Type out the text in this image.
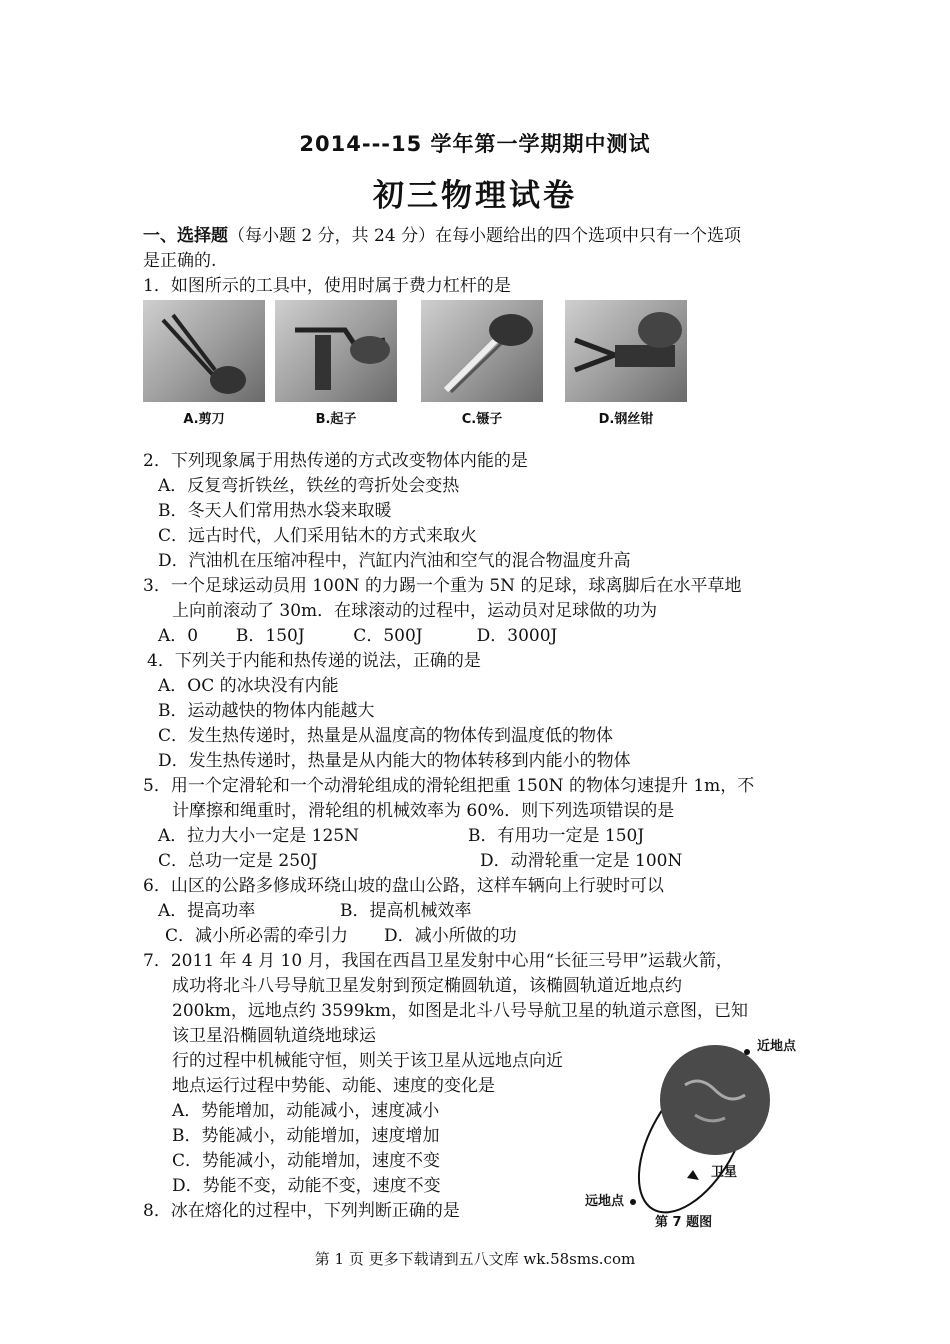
2014---15 学年第一学期期中测试
初三物理试卷
一、选择题（每小题 2 分，共 24 分）在每小题给出的四个选项中只有一个选项
是正确的.
1．如图所示的工具中，使用时属于费力杠杆的是
A.剪刀	B.起子	C.镊子	D.钢丝钳
2．下列现象属于用热传递的方式改变物体内能的是
A．反复弯折铁丝，铁丝的弯折处会变热
B．冬天人们常用热水袋来取暖
C．远古时代，人们采用钻木的方式来取火
D．汽油机在压缩冲程中，汽缸内汽油和空气的混合物温度升高
3．一个足球运动员用 100N 的力踢一个重为 5N 的足球，球离脚后在水平草地
上向前滚动了 30m．在球滚动的过程中，运动员对足球做的功为
A．0       B．150J         C．500J          D．3000J
4．下列关于内能和热传递的说法，正确的是
A．OC 的冰块没有内能
B．运动越快的物体内能越大
C．发生热传递时，热量是从温度高的物体传到温度低的物体
D．发生热传递时，热量是从内能大的物体转移到内能小的物体
5．用一个定滑轮和一个动滑轮组成的滑轮组把重 150N 的物体匀速提升 1m，不
计摩擦和绳重时，滑轮组的机械效率为 60%．则下列选项错误的是
A．拉力大小一定是 125N	B．有用功一定是 150J
C．总功一定是 250J	D．动滑轮重一定是 100N
6．山区的公路多修成环绕山坡的盘山公路，这样车辆向上行驶时可以
A．提高功率	B．提高机械效率
C．减小所必需的牵引力 D．减小所做的功
7．2011 年 4 月 10 月，我国在西昌卫星发射中心用“长征三号甲”运载火箭，
成功将北斗八号导航卫星发射到预定椭圆轨道，该椭圆轨道近地点约
200km，远地点约 3599km，如图是北斗八号导航卫星的轨道示意图，已知
该卫星沿椭圆轨道绕地球运
行的过程中机械能守恒，则关于该卫星从远地点向近
地点运行过程中势能、动能、速度的变化是
A．势能增加，动能减小，速度减小
B．势能减小，动能增加，速度增加
C．势能减小，动能增加，速度不变
D．势能不变，动能不变，速度不变
近地点
卫星
远地点
第 7 题图
8．冰在熔化的过程中，下列判断正确的是
第 1 页 更多下载请到五八文库 wk.58sms.com
